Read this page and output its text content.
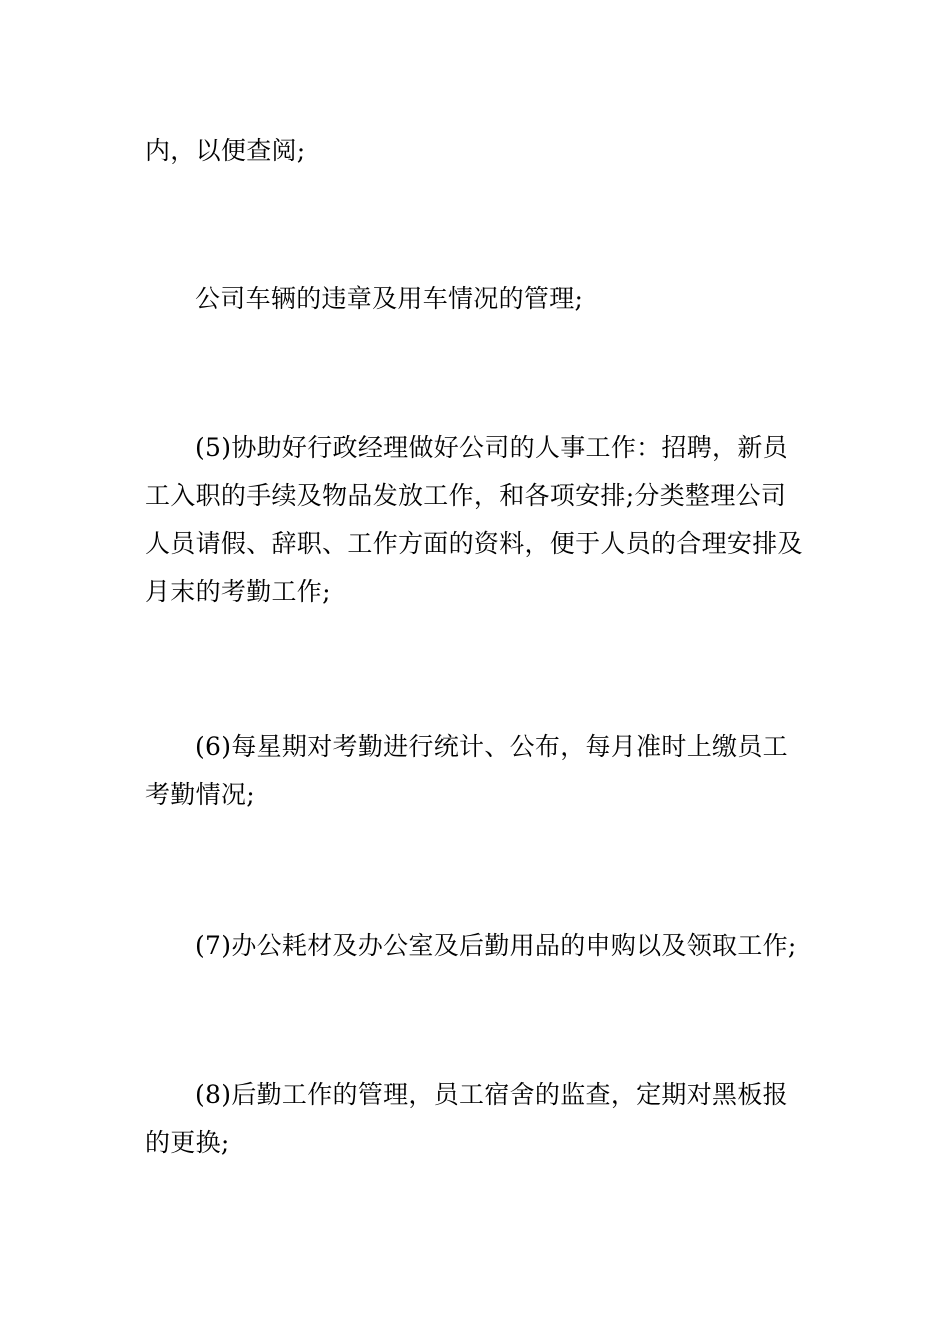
内，以便查阅;

公司车辆的违章及用车情况的管理;

(5)协助好行政经理做好公司的人事工作：招聘，新员工入职的手续及物品发放工作，和各项安排;分类整理公司人员请假、辞职、工作方面的资料，便于人员的合理安排及月末的考勤工作;

(6)每星期对考勤进行统计、公布，每月准时上缴员工考勤情况;

(7)办公耗材及办公室及后勤用品的申购以及领取工作;

(8)后勤工作的管理，员工宿舍的监查，定期对黑板报的更换;
